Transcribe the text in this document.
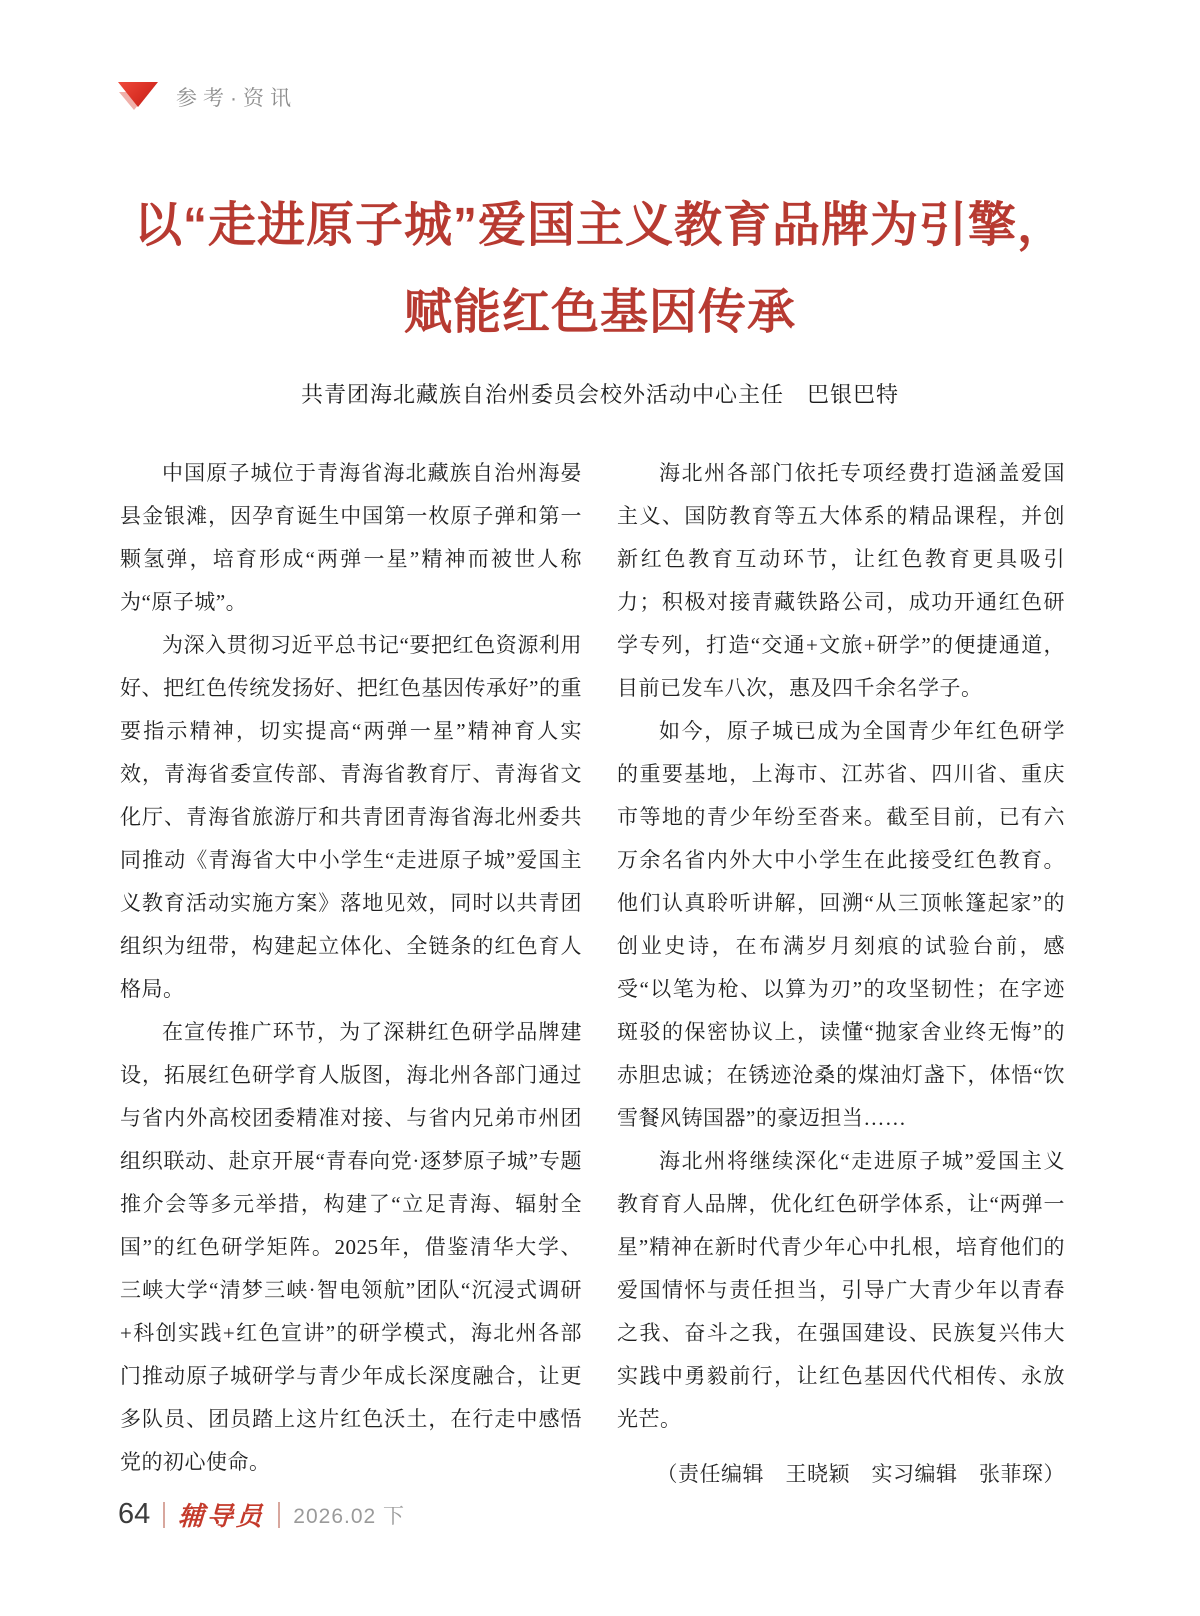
参考·资讯
以“走进原子城”爱国主义教育品牌为引擎，
赋能红色基因传承

共青团海北藏族自治州委员会校外活动中心主任　巴银巴特

中国原子城位于青海省海北藏族自治州海晏县金银滩，因孕育诞生中国第一枚原子弹和第一颗氢弹，培育形成“两弹一星”精神而被世人称为“原子城”。

为深入贯彻习近平总书记“要把红色资源利用好、把红色传统发扬好、把红色基因传承好”的重要指示精神，切实提高“两弹一星”精神育人实效，青海省委宣传部、青海省教育厅、青海省文化厅、青海省旅游厅和共青团青海省海北州委共同推动《青海省大中小学生“走进原子城”爱国主义教育活动实施方案》落地见效，同时以共青团组织为纽带，构建起立体化、全链条的红色育人格局。

在宣传推广环节，为了深耕红色研学品牌建设，拓展红色研学育人版图，海北州各部门通过与省内外高校团委精准对接、与省内兄弟市州团组织联动、赴京开展“青春向党·逐梦原子城”专题推介会等多元举措，构建了“立足青海、辐射全国”的红色研学矩阵。2025年，借鉴清华大学、三峡大学“清梦三峡·智电领航”团队“沉浸式调研+科创实践+红色宣讲”的研学模式，海北州各部门推动原子城研学与青少年成长深度融合，让更多队员、团员踏上这片红色沃土，在行走中感悟党的初心使命。

海北州各部门依托专项经费打造涵盖爱国主义、国防教育等五大体系的精品课程，并创新红色教育互动环节，让红色教育更具吸引力；积极对接青藏铁路公司，成功开通红色研学专列，打造“交通+文旅+研学”的便捷通道，目前已发车八次，惠及四千余名学子。

如今，原子城已成为全国青少年红色研学的重要基地，上海市、江苏省、四川省、重庆市等地的青少年纷至沓来。截至目前，已有六万余名省内外大中小学生在此接受红色教育。他们认真聆听讲解，回溯“从三顶帐篷起家”的创业史诗，在布满岁月刻痕的试验台前，感受“以笔为枪、以算为刃”的攻坚韧性；在字迹斑驳的保密协议上，读懂“抛家舍业终无悔”的赤胆忠诚；在锈迹沧桑的煤油灯盏下，体悟“饮雪餐风铸国器”的豪迈担当……

海北州将继续深化“走进原子城”爱国主义教育育人品牌，优化红色研学体系，让“两弹一星”精神在新时代青少年心中扎根，培育他们的爱国情怀与责任担当，引导广大青少年以青春之我、奋斗之我，在强国建设、民族复兴伟大实践中勇毅前行，让红色基因代代相传、永放光芒。

（责任编辑　王晓颖　实习编辑　张菲琛）

64 辅导员 2026.02 下
